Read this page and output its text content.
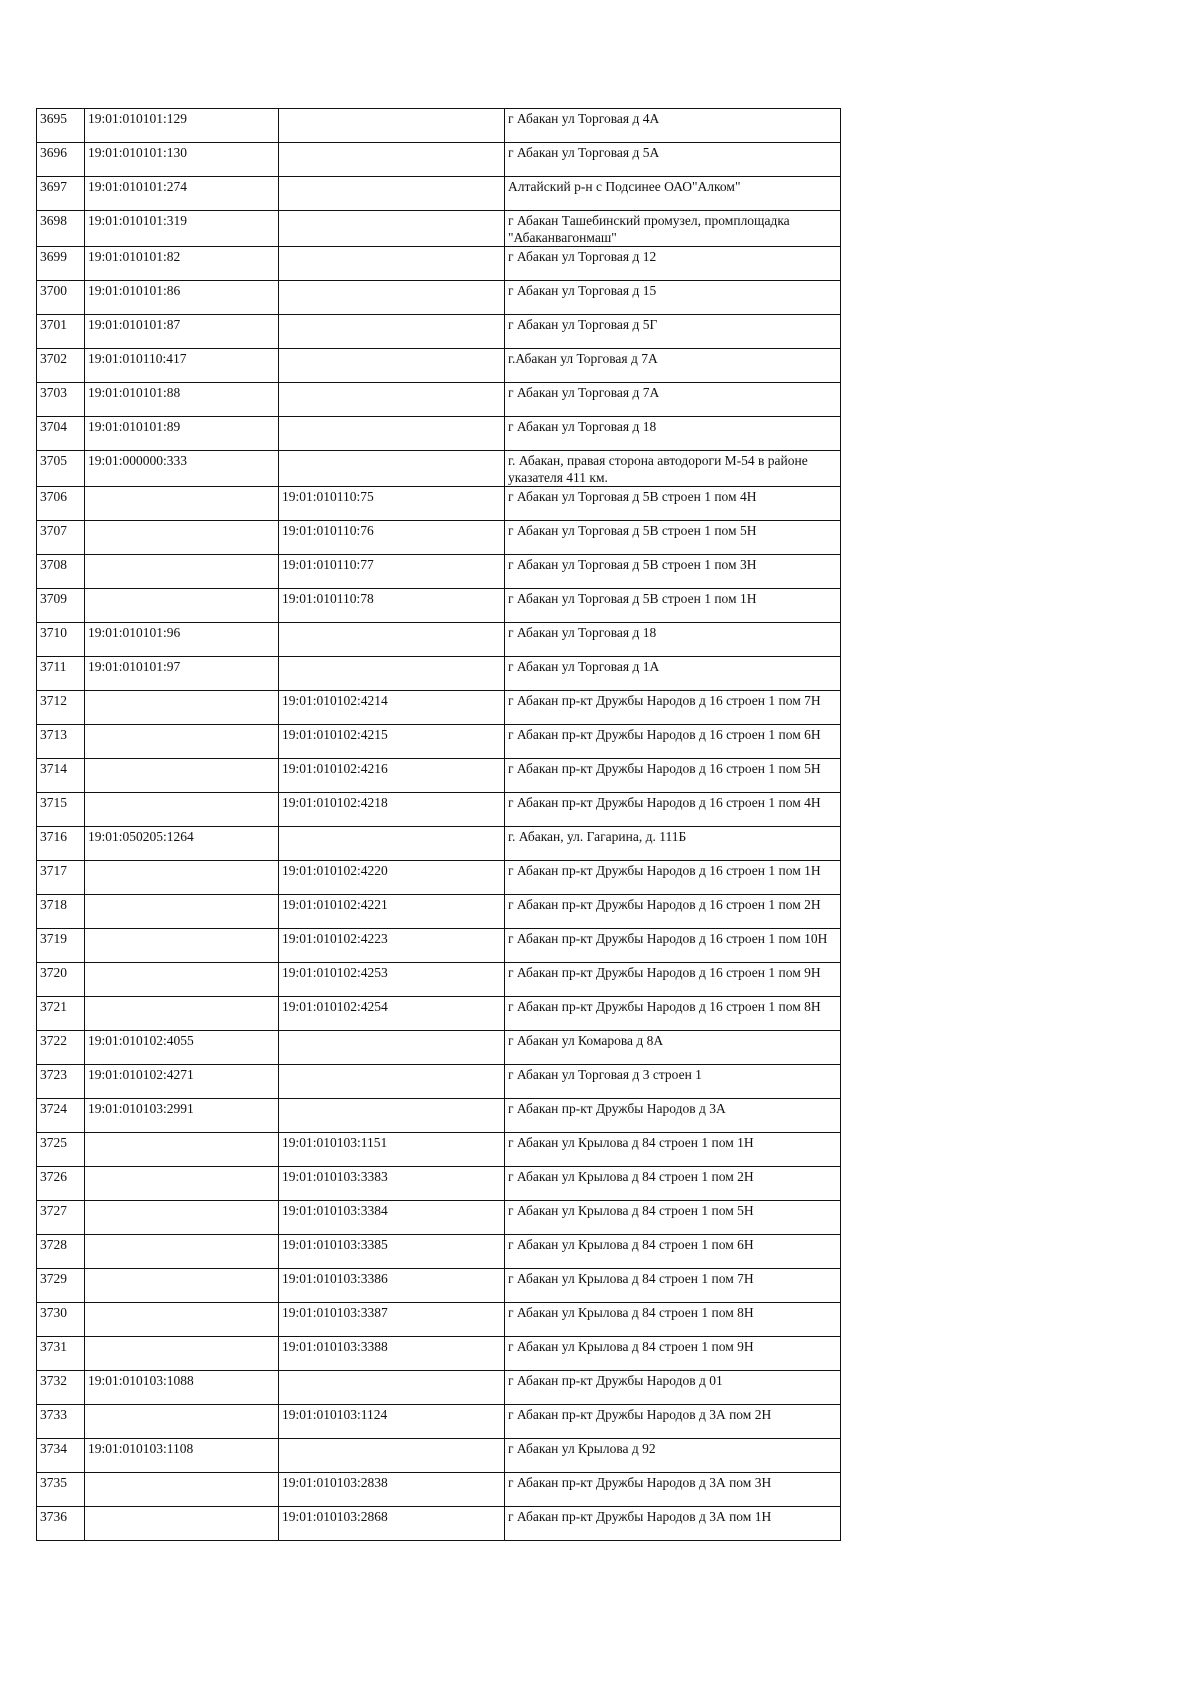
3695	19:01:010101:129		г Абакан ул Торговая д 4А
3696	19:01:010101:130		г Абакан ул Торговая д 5А
3697	19:01:010101:274		Алтайский р-н с Подсинее ОАО"Алком"
3698	19:01:010101:319		г Абакан Ташебинский промузел, промплощадка "Абаканвагонмаш"
3699	19:01:010101:82		г Абакан ул Торговая д 12
3700	19:01:010101:86		г Абакан ул Торговая д 15
3701	19:01:010101:87		г Абакан ул Торговая д 5Г
3702	19:01:010110:417		г.Абакан ул Торговая д 7А
3703	19:01:010101:88		г Абакан ул Торговая д 7А
3704	19:01:010101:89		г Абакан ул Торговая д 18
3705	19:01:000000:333		г. Абакан, правая сторона автодороги М-54 в районе указателя 411 км.
3706		19:01:010110:75	г Абакан ул Торговая д 5В строен 1 пом 4Н
3707		19:01:010110:76	г Абакан ул Торговая д 5В строен 1 пом 5Н
3708		19:01:010110:77	г Абакан ул Торговая д 5В строен 1 пом 3Н
3709		19:01:010110:78	г Абакан ул Торговая д 5В строен 1 пом 1Н
3710	19:01:010101:96		г Абакан ул Торговая д 18
3711	19:01:010101:97		г Абакан ул Торговая д 1А
3712		19:01:010102:4214	г Абакан пр-кт Дружбы Народов д 16 строен 1 пом 7Н
3713		19:01:010102:4215	г Абакан пр-кт Дружбы Народов д 16 строен 1 пом 6Н
3714		19:01:010102:4216	г Абакан пр-кт Дружбы Народов д 16 строен 1 пом 5Н
3715		19:01:010102:4218	г Абакан пр-кт Дружбы Народов д 16 строен 1 пом 4Н
3716	19:01:050205:1264		г. Абакан, ул. Гагарина, д. 111Б
3717		19:01:010102:4220	г Абакан пр-кт Дружбы Народов д 16 строен 1 пом 1Н
3718		19:01:010102:4221	г Абакан пр-кт Дружбы Народов д 16 строен 1 пом 2Н
3719		19:01:010102:4223	г Абакан пр-кт Дружбы Народов д 16 строен 1 пом 10Н
3720		19:01:010102:4253	г Абакан пр-кт Дружбы Народов д 16 строен 1 пом 9Н
3721		19:01:010102:4254	г Абакан пр-кт Дружбы Народов д 16 строен 1 пом 8Н
3722	19:01:010102:4055		г Абакан ул Комарова д 8А
3723	19:01:010102:4271		г Абакан ул Торговая д 3 строен 1
3724	19:01:010103:2991		г Абакан пр-кт Дружбы Народов д 3А
3725		19:01:010103:1151	г Абакан ул Крылова д 84 строен 1 пом 1Н
3726		19:01:010103:3383	г Абакан ул Крылова д 84 строен 1 пом 2Н
3727		19:01:010103:3384	г Абакан ул Крылова д 84 строен 1 пом 5Н
3728		19:01:010103:3385	г Абакан ул Крылова д 84 строен 1 пом 6Н
3729		19:01:010103:3386	г Абакан ул Крылова д 84 строен 1 пом 7Н
3730		19:01:010103:3387	г Абакан ул Крылова д 84 строен 1 пом 8Н
3731		19:01:010103:3388	г Абакан ул Крылова д 84 строен 1 пом 9Н
3732	19:01:010103:1088		г Абакан пр-кт Дружбы Народов д 01
3733		19:01:010103:1124	г Абакан пр-кт Дружбы Народов д 3А пом 2Н
3734	19:01:010103:1108		г Абакан ул Крылова д 92
3735		19:01:010103:2838	г Абакан пр-кт Дружбы Народов д 3А пом 3Н
3736		19:01:010103:2868	г Абакан пр-кт Дружбы Народов д 3А пом 1Н
